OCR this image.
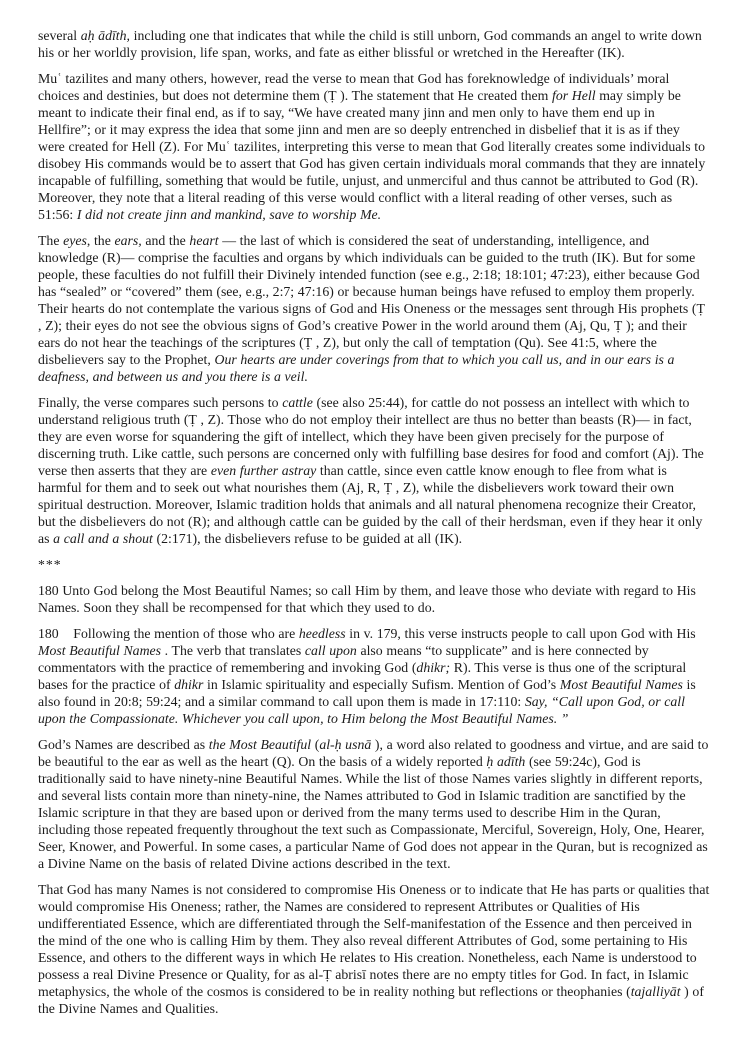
several aḥ ādīth, including one that indicates that while the child is still unborn, God commands an angel to write down his or her worldly provision, life span, works, and fate as either blissful or wretched in the Hereafter (IK).

Muʿ tazilites and many others, however, read the verse to mean that God has foreknowledge of individuals’ moral choices and destinies, but does not determine them (Ṭ ). The statement that He created them for Hell may simply be meant to indicate their final end, as if to say, “We have created many jinn and men only to have them end up in Hellfire”; or it may express the idea that some jinn and men are so deeply entrenched in disbelief that it is as if they were created for Hell (Z). For Muʿ tazilites, interpreting this verse to mean that God literally creates some individuals to disobey His commands would be to assert that God has given certain individuals moral commands that they are innately incapable of fulfilling, something that would be futile, unjust, and unmerciful and thus cannot be attributed to God (R). Moreover, they note that a literal reading of this verse would conflict with a literal reading of other verses, such as 51:56: I did not create jinn and mankind, save to worship Me.

The eyes, the ears, and the heart — the last of which is considered the seat of understanding, intelligence, and knowledge (R)— comprise the faculties and organs by which individuals can be guided to the truth (IK). But for some people, these faculties do not fulfill their Divinely intended function (see e.g., 2:18; 18:101; 47:23), either because God has “sealed” or “covered” them (see, e.g., 2:7; 47:16) or because human beings have refused to employ them properly. Their hearts do not contemplate the various signs of God and His Oneness or the messages sent through His prophets (Ṭ , Z); their eyes do not see the obvious signs of God’s creative Power in the world around them (Aj, Qu, Ṭ ); and their ears do not hear the teachings of the scriptures (Ṭ , Z), but only the call of temptation (Qu). See 41:5, where the disbelievers say to the Prophet, Our hearts are under coverings from that to which you call us, and in our ears is a deafness, and between us and you there is a veil.

Finally, the verse compares such persons to cattle (see also 25:44), for cattle do not possess an intellect with which to understand religious truth (Ṭ , Z). Those who do not employ their intellect are thus no better than beasts (R)— in fact, they are even worse for squandering the gift of intellect, which they have been given precisely for the purpose of discerning truth. Like cattle, such persons are concerned only with fulfilling base desires for food and comfort (Aj). The verse then asserts that they are even further astray than cattle, since even cattle know enough to flee from what is harmful for them and to seek out what nourishes them (Aj, R, Ṭ , Z), while the disbelievers work toward their own spiritual destruction. Moreover, Islamic tradition holds that animals and all natural phenomena recognize their Creator, but the disbelievers do not (R); and although cattle can be guided by the call of their herdsman, even if they hear it only as a call and a shout (2:171), the disbelievers refuse to be guided at all (IK).

***

180 Unto God belong the Most Beautiful Names; so call Him by them, and leave those who deviate with regard to His Names. Soon they shall be recompensed for that which they used to do.

180    Following the mention of those who are heedless in v. 179, this verse instructs people to call upon God with His Most Beautiful Names . The verb that translates call upon also means “to supplicate” and is here connected by commentators with the practice of remembering and invoking God (dhikr; R). This verse is thus one of the scriptural bases for the practice of dhikr in Islamic spirituality and especially Sufism. Mention of God’s Most Beautiful Names is also found in 20:8; 59:24; and a similar command to call upon them is made in 17:110: Say, “Call upon God, or call upon the Compassionate. Whichever you call upon, to Him belong the Most Beautiful Names. ”

God’s Names are described as the Most Beautiful (al-ḥ usnā ), a word also related to goodness and virtue, and are said to be beautiful to the ear as well as the heart (Q). On the basis of a widely reported ḥ adīth (see 59:24c), God is traditionally said to have ninety-nine Beautiful Names. While the list of those Names varies slightly in different reports, and several lists contain more than ninety-nine, the Names attributed to God in Islamic tradition are sanctified by the Islamic scripture in that they are based upon or derived from the many terms used to describe Him in the Quran, including those repeated frequently throughout the text such as Compassionate, Merciful, Sovereign, Holy, One, Hearer, Seer, Knower, and Powerful. In some cases, a particular Name of God does not appear in the Quran, but is recognized as a Divine Name on the basis of related Divine actions described in the text.

That God has many Names is not considered to compromise His Oneness or to indicate that He has parts or qualities that would compromise His Oneness; rather, the Names are considered to represent Attributes or Qualities of His undifferentiated Essence, which are differentiated through the Self-manifestation of the Essence and then perceived in the mind of the one who is calling Him by them. They also reveal different Attributes of God, some pertaining to His Essence, and others to the different ways in which He relates to His creation. Nonetheless, each Name is understood to possess a real Divine Presence or Quality, for as al-Ṭ abrisī notes there are no empty titles for God. In fact, in Islamic metaphysics, the whole of the cosmos is considered to be in reality nothing but reflections or theophanies (tajalliyāt ) of the Divine Names and Qualities.
